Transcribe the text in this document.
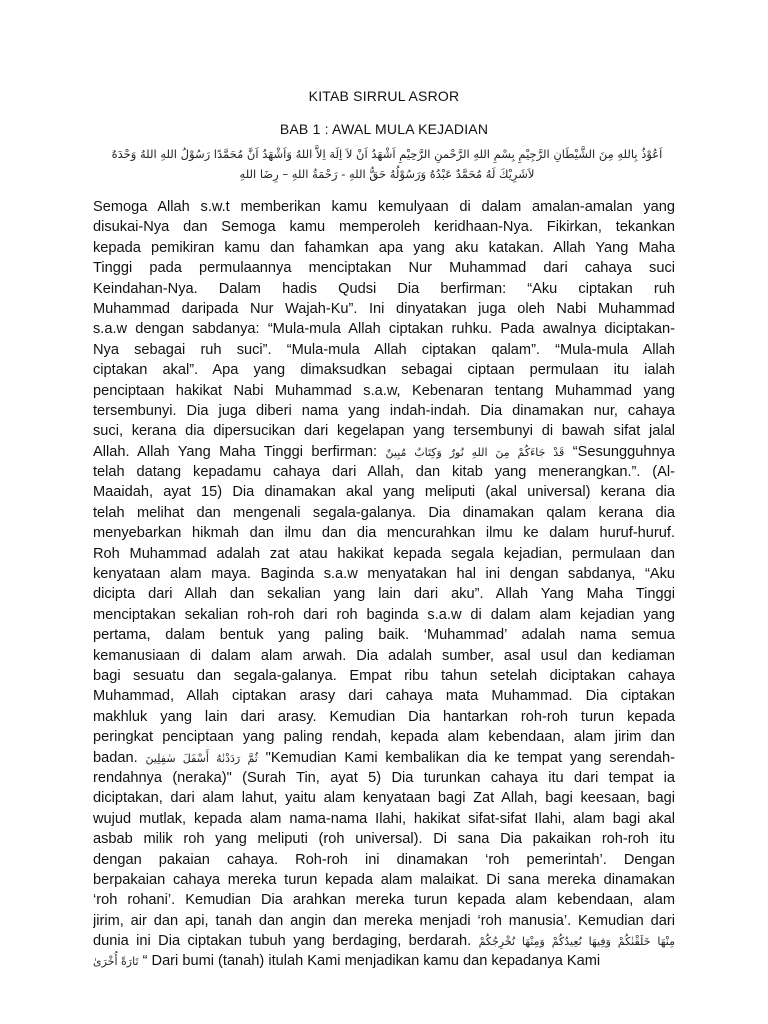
KITAB SIRRUL ASROR
BAB 1 : AWAL MULA KEJADIAN
اَعُوْذُ بِاللهِ مِنَ الشَّيْطَانِ الرَّجِيْمِ بِسْمِ اللهِ الرَّحْمنِ الرَّحِيْمِ اَشْهَدُ اَنْ لاَ اِلَهَ اِلاَّ اللهُ وَاَشْهَدُ اَنَّ مُحَمَّدًا رَسُوْلُ اللهِ اللهُ وَحْدَهُ
لاَشَرِيْكَ لَهُ مُحَمَّدٌ عَبْدُهُ وَرَسُوْلُهُ حَقُّ اللهِ - رَحْمَةُ اللهِ – رِضَا اللهِ
Semoga Allah s.w.t memberikan kamu kemulyaan di dalam amalan-amalan yang
disukai-Nya dan Semoga kamu memperoleh keridhaan-Nya. Fikirkan, tekankan
kepada pemikiran kamu dan fahamkan apa yang aku katakan. Allah Yang Maha
Tinggi pada permulaannya menciptakan Nur Muhammad dari cahaya suci
Keindahan-Nya. Dalam hadis Qudsi Dia berfirman: “Aku ciptakan ruh
Muhammad daripada Nur Wajah-Ku”. Ini dinyatakan juga oleh Nabi Muhammad
s.a.w dengan sabdanya: “Mula-mula Allah ciptakan ruhku. Pada awalnya diciptakan-
Nya sebagai ruh suci”. “Mula-mula Allah ciptakan qalam”. “Mula-mula Allah
ciptakan akal”. Apa yang dimaksudkan sebagai ciptaan permulaan itu ialah
penciptaan hakikat Nabi Muhammad s.a.w, Kebenaran tentang Muhammad yang
tersembunyi. Dia juga diberi nama yang indah-indah. Dia dinamakan nur, cahaya
suci, kerana dia dipersucikan dari kegelapan yang tersembunyi di bawah sifat jalal
Allah. Allah Yang Maha Tinggi berfirman: قَدْ جَاءَكُمْ مِنَ اللهِ نُورٌ وَكِتَابٌ مُبِينٌ “Sesungguhnya
telah datang kepadamu cahaya dari Allah, dan kitab yang menerangkan.”. (Al-
Maaidah, ayat 15) Dia dinamakan akal yang meliputi (akal universal) kerana dia
telah melihat dan mengenali segala-galanya. Dia dinamakan qalam kerana dia
menyebarkan hikmah dan ilmu dan dia mencurahkan ilmu ke dalam huruf-huruf.
Roh Muhammad adalah zat atau hakikat kepada segala kejadian, permulaan dan
kenyataan alam maya. Baginda s.a.w menyatakan hal ini dengan sabdanya, “Aku
dicipta dari Allah dan sekalian yang lain dari aku”. Allah Yang Maha Tinggi
menciptakan sekalian roh-roh dari roh baginda s.a.w di dalam alam kejadian yang
pertama, dalam bentuk yang paling baik. ‘Muhammad’ adalah nama semua
kemanusiaan di dalam alam arwah. Dia adalah sumber, asal usul dan kediaman
bagi sesuatu dan segala-galanya. Empat ribu tahun setelah diciptakan cahaya
Muhammad, Allah ciptakan arasy dari cahaya mata Muhammad. Dia ciptakan
makhluk yang lain dari arasy. Kemudian Dia hantarkan roh-roh turun kepada
peringkat penciptaan yang paling rendah, kepada alam kebendaan, alam jirim dan
badan. ثُمَّ رَدَدْنٰهُ أَسْفَلَ سٰفِلِينَ "Kemudian Kami kembalikan dia ke tempat yang serendah-
rendahnya (neraka)" (Surah Tin, ayat 5) Dia turunkan cahaya itu dari tempat ia
diciptakan, dari alam lahut, yaitu alam kenyataan bagi Zat Allah, bagi keesaan, bagi
wujud mutlak, kepada alam nama-nama Ilahi, hakikat sifat-sifat Ilahi, alam bagi akal
asbab milik roh yang meliputi (roh universal). Di sana Dia pakaikan roh-roh itu
dengan pakaian cahaya. Roh-roh ini dinamakan ‘roh pemerintah’. Dengan
berpakaian cahaya mereka turun kepada alam malaikat. Di sana mereka dinamakan
‘roh rohani’. Kemudian Dia arahkan mereka turun kepada alam kebendaan, alam
jirim, air dan api, tanah dan angin dan mereka menjadi ‘roh manusia’. Kemudian dari
dunia ini Dia ciptakan tubuh yang berdaging, berdarah. مِنْهَا خَلَقْنٰكُمْ وَفِيهَا نُعِيدُكُمْ وَمِنْهَا نُخْرِجُكُمْ
تَارَةً أُخْرَىٰ “ Dari bumi (tanah) itulah Kami menjadikan kamu dan kepadanya Kami
